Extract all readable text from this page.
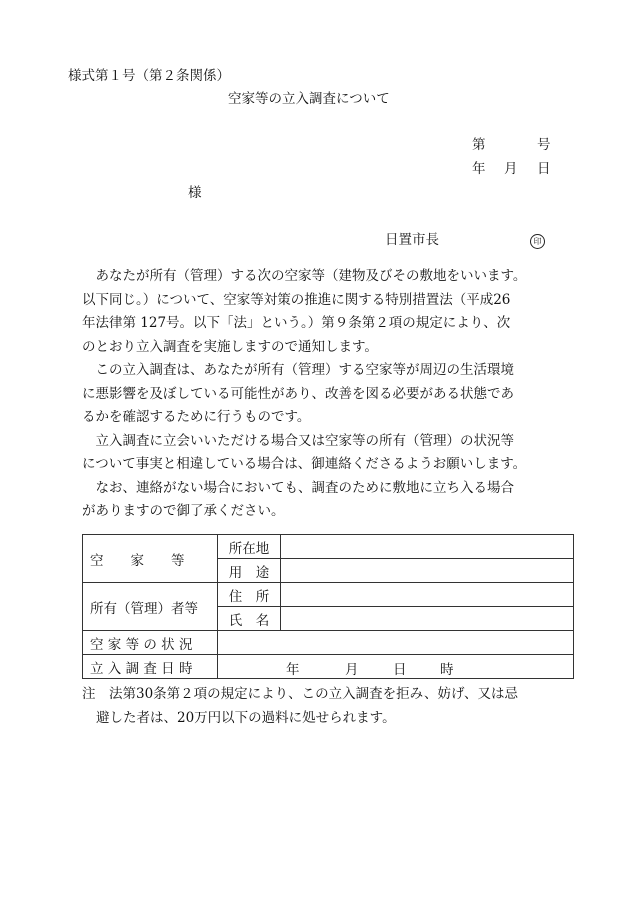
様式第１号（第２条関係）
空家等の立入調査について
第	号
年 月 日
様
日置市長	印
　あなたが所有（管理）する次の空家等（建物及びその敷地をいいます。
以下同じ。）について、空家等対策の推進に関する特別措置法（平成26
年法律第 127号。以下「法」という。）第９条第２項の規定により、次
のとおり立入調査を実施しますので通知します。
　この立入調査は、あなたが所有（管理）する空家等が周辺の生活環境
に悪影響を及ぼしている可能性があり、改善を図る必要がある状態であ
るかを確認するために行うものです。
　立入調査に立会いいただける場合又は空家等の所有（管理）の状況等
について事実と相違している場合は、御連絡くださるようお願いします。
　なお、連絡がない場合においても、調査のために敷地に立ち入る場合
がありますので御了承ください。
空　　家　　等	所在地	
	用　途	
所有（管理）者等	住　所	
	氏　名	
空 家 等 の 状 況		
立 入 調 査 日 時	年 月 日 時	
注　法第30条第２項の規定により、この立入調査を拒み、妨げ、又は忌
避した者は、20万円以下の過料に処せられます。
